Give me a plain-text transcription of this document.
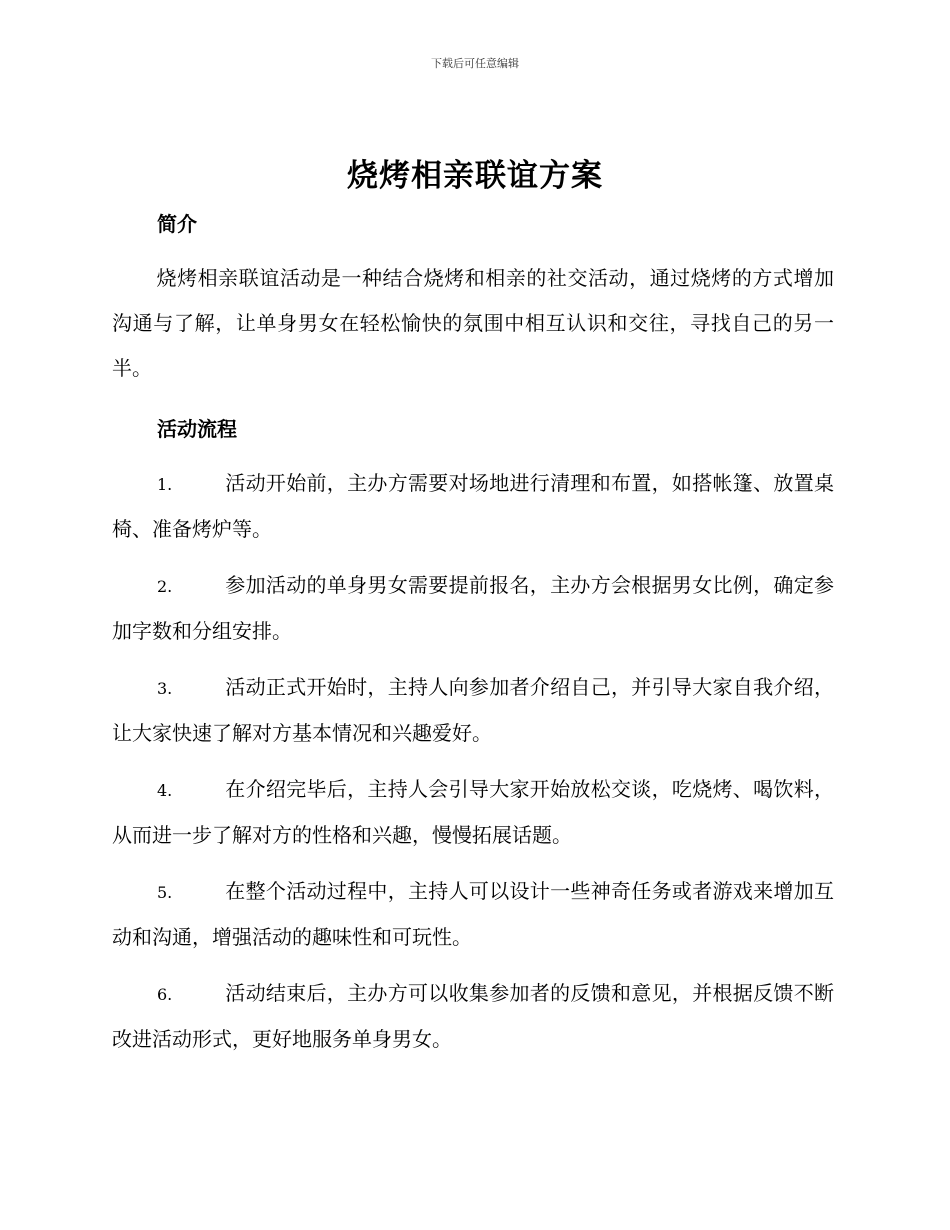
下载后可任意编辑
烧烤相亲联谊方案
简介

烧烤相亲联谊活动是一种结合烧烤和相亲的社交活动，通过烧烤的方式增加沟通与了解，让单身男女在轻松愉快的氛围中相互认识和交往，寻找自己的另一半。

活动流程

1.	活动开始前，主办方需要对场地进行清理和布置，如搭帐篷、放置桌椅、准备烤炉等。

2.	参加活动的单身男女需要提前报名，主办方会根据男女比例，确定参加字数和分组安排。

3.	活动正式开始时，主持人向参加者介绍自己，并引导大家自我介绍，让大家快速了解对方基本情况和兴趣爱好。

4.	在介绍完毕后，主持人会引导大家开始放松交谈，吃烧烤、喝饮料，从而进一步了解对方的性格和兴趣，慢慢拓展话题。

5.	在整个活动过程中，主持人可以设计一些神奇任务或者游戏来增加互动和沟通，增强活动的趣味性和可玩性。

6.	活动结束后，主办方可以收集参加者的反馈和意见，并根据反馈不断改进活动形式，更好地服务单身男女。
